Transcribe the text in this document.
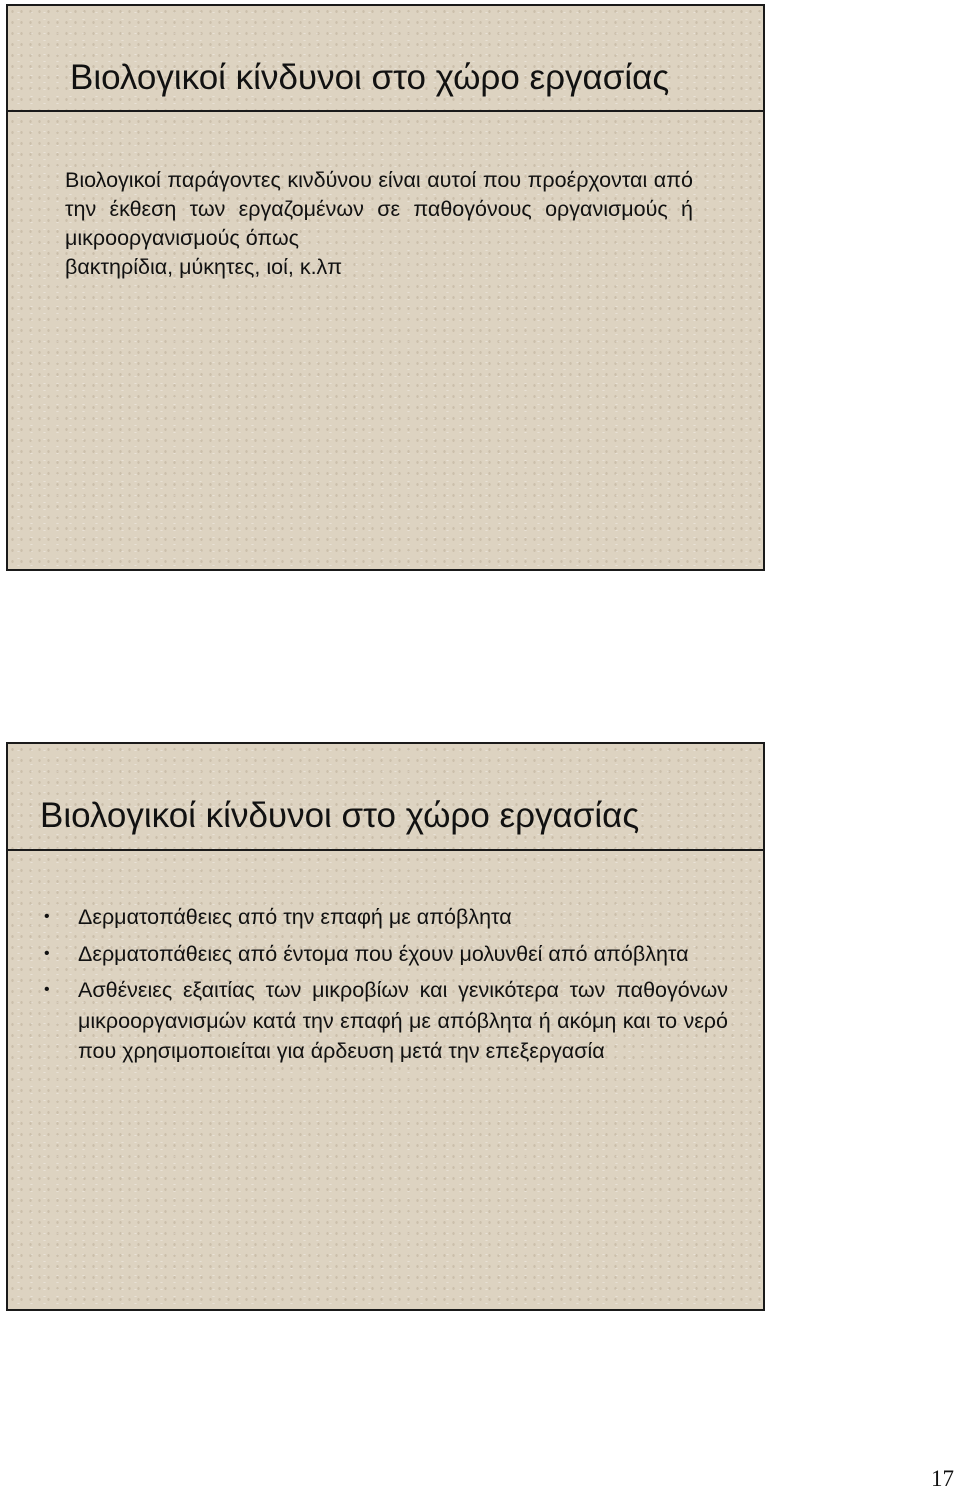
Βιολογικοί κίνδυνοι στο χώρο εργασίας

Βιολογικοί παράγοντες κινδύνου είναι αυτοί που προέρχονται από την έκθεση των εργαζομένων σε παθογόνους οργανισμούς ή μικροοργανισμούς όπως
βακτηρίδια, μύκητες, ιοί, κ.λπ

Βιολογικοί κίνδυνοι στο χώρο εργασίας
• Δερματοπάθειες από την επαφή με απόβλητα
• Δερματοπάθειες από έντομα που έχουν μολυνθεί από απόβλητα
• Ασθένειες εξαιτίας των μικροβίων και γενικότερα των παθογόνων μικροοργανισμών κατά την επαφή με απόβλητα ή ακόμη και το νερό που χρησιμοποιείται για άρδευση μετά την επεξεργασία
17
